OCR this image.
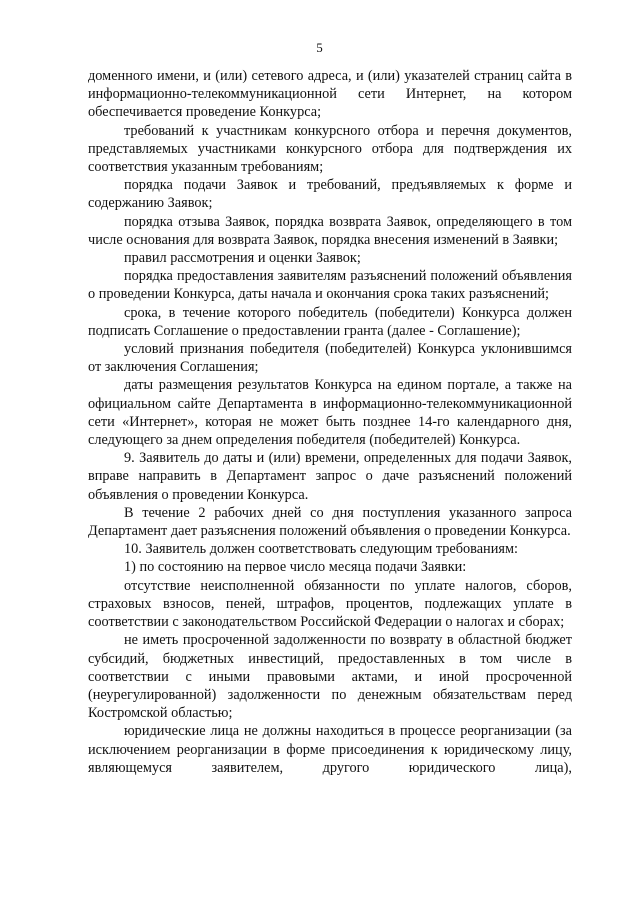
5

доменного имени, и (или) сетевого адреса, и (или) указателей страниц сайта в информационно-телекоммуникационной сети Интернет, на котором обеспечивается проведение Конкурса;

требований к участникам конкурсного отбора и перечня документов, представляемых участниками конкурсного отбора для подтверждения их соответствия указанным требованиям;

порядка подачи Заявок и требований, предъявляемых к форме и содержанию Заявок;

порядка отзыва Заявок, порядка возврата Заявок, определяющего в том числе основания для возврата Заявок, порядка внесения изменений в Заявки;

правил рассмотрения и оценки Заявок;

порядка предоставления заявителям разъяснений положений объявления о проведении Конкурса, даты начала и окончания срока таких разъяснений;

срока, в течение которого победитель (победители) Конкурса должен подписать Соглашение о предоставлении гранта (далее - Соглашение);

условий признания победителя (победителей) Конкурса уклонившимся от заключения Соглашения;

даты размещения результатов Конкурса на едином портале, а также на официальном сайте Департамента в информационно-телекоммуникационной сети «Интернет», которая не может быть позднее 14-го календарного дня, следующего за днем определения победителя (победителей) Конкурса.

9. Заявитель до даты и (или) времени, определенных для подачи Заявок, вправе направить в Департамент запрос о даче разъяснений положений объявления о проведении Конкурса.

В течение 2 рабочих дней со дня поступления указанного запроса Департамент дает разъяснения положений объявления о проведении Конкурса.

10. Заявитель должен соответствовать следующим требованиям:

1) по состоянию на первое число месяца подачи Заявки:

отсутствие неисполненной обязанности по уплате налогов, сборов, страховых взносов, пеней, штрафов, процентов, подлежащих уплате в соответствии с законодательством Российской Федерации о налогах и сборах;

не иметь просроченной задолженности по возврату в областной бюджет субсидий, бюджетных инвестиций, предоставленных в том числе в соответствии с иными правовыми актами, и иной просроченной (неурегулированной) задолженности по денежным обязательствам перед Костромской областью;

юридические лица не должны находиться в процессе реорганизации (за исключением реорганизации в форме присоединения к юридическому лицу, являющемуся заявителем, другого юридического лица),
